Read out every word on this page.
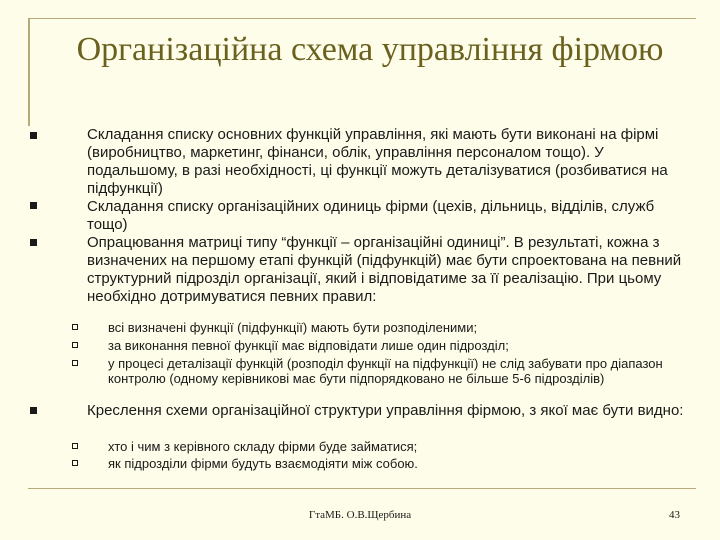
Організаційна схема управління фірмою
Складання списку основних функцій управління, які мають бути виконані на фірмі (виробництво, маркетинг, фінанси, облік, управління персоналом тощо). У подальшому, в разі необхідності, ці функції можуть деталізуватися (розбиватися на підфункції)
Складання списку організаційних одиниць фірми (цехів, дільниць, відділів, служб тощо)
Опрацювання матриці типу “функції – організаційні одиниці”. В результаті, кожна з визначених на першому етапі функцій (підфункцій) має бути спроектована на певний структурний підрозділ організації, який і відповідатиме за її реалізацію. При цьому необхідно дотримуватися певних правил:
всі визначені функції (підфункції) мають бути розподіленими;
за виконання певної функції має відповідати лише один підрозділ;
у процесі деталізації функцій (розподіл функції на підфункції) не слід забувати про діапазон контролю (одному керівникові має бути підпорядковано не більше 5-6 підрозділів)
Креслення схеми організаційної структури управління фірмою, з якої має бути видно:
хто і чим з керівного складу фірми буде займатися;
як підрозділи фірми будуть взаємодіяти між собою.
ГтаМБ. О.В.Щербина	43
